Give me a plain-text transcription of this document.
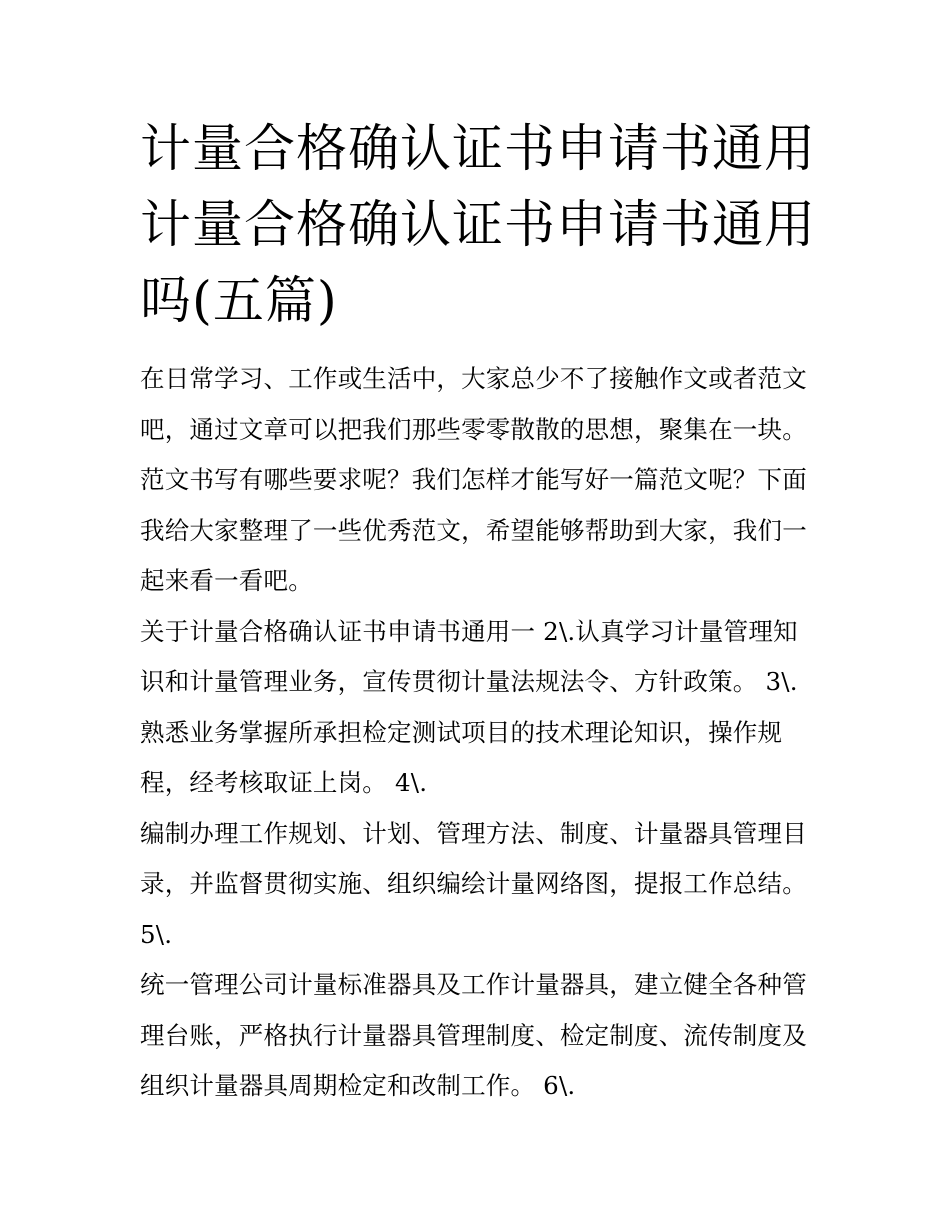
计量合格确认证书申请书通用计量合格确认证书申请书通用吗(五篇)

在日常学习、工作或生活中，大家总少不了接触作文或者范文吧，通过文章可以把我们那些零零散散的思想，聚集在一块。范文书写有哪些要求呢？我们怎样才能写好一篇范文呢？下面我给大家整理了一些优秀范文，希望能够帮助到大家，我们一起来看一看吧。

关于计量合格确认证书申请书通用一 2\.认真学习计量管理知识和计量管理业务，宣传贯彻计量法规法令、方针政策。 3\.熟悉业务掌握所承担检定测试项目的技术理论知识，操作规程，经考核取证上岗。 4\.

编制办理工作规划、计划、管理方法、制度、计量器具管理目录，并监督贯彻实施、组织编绘计量网络图，提报工作总结。 5\.

统一管理公司计量标准器具及工作计量器具，建立健全各种管理台账，严格执行计量器具管理制度、检定制度、流传制度及组织计量器具周期检定和改制工作。 6\.
